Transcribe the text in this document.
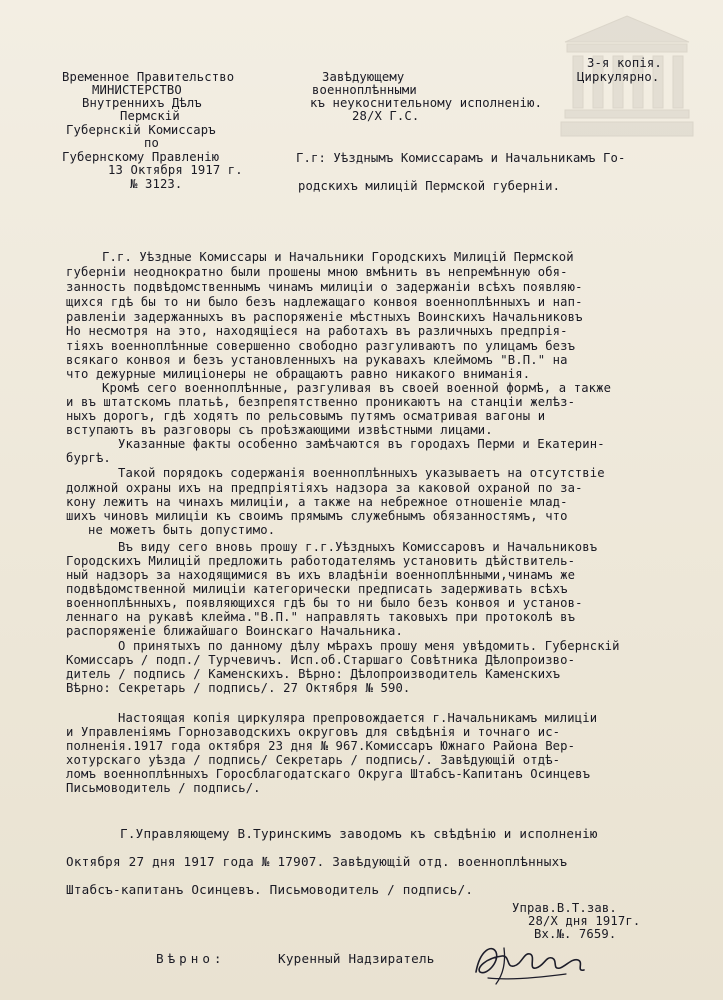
3-я копія.
Циркулярно.
Временное Правительство
МИНИСТЕРСТВО
Внутреннихъ Дѣлъ
Пермскій
Губернскій Комиссаръ
по
Губернскому Правленію
13 Октября 1917 г.
№ 3123.
Завѣдующему
военноплѣнными
къ неукоснительному исполненію.
28/X Г.С.
Г.г: Уѣзднымъ Комиссарамъ и Начальникамъ Го-
родскихъ милицій Пермской губерніи.
Г.г. Уѣздные Комиссары и Начальники Городскихъ Милицій Пермской
губерніи неоднократно были прошены мною вмѣнить въ непремѣнную обя-
занность подвѣдомственнымъ чинамъ милиціи о задержаніи всѣхъ появляю-
щихся гдѣ бы то ни было безъ надлежащаго конвоя военноплѣнныхъ и нап-
равленіи задержанныхъ въ распоряженіе мѣстныхъ Воинскихъ Начальниковъ
Но несмотря на это, находящіеся на работахъ въ различныхъ предпрія-
тіяхъ военноплѣнные совершенно свободно разгуливаютъ по улицамъ безъ
всякаго конвоя и безъ установленныхъ на рукавахъ клеймомъ "В.П." на
что дежурные милиціонеры не обращаютъ равно никакого вниманія.
Кромѣ сего военноплѣнные, разгуливая въ своей военной формѣ, а также
и въ штатскомъ платьѣ, безпрепятственно проникаютъ на станціи желѣз-
ныхъ дорогъ, гдѣ ходятъ по рельсовымъ путямъ осматривая вагоны и
вступаютъ въ разговоры съ проѣзжающими извѣстными лицами.
Указанные факты особенно замѣчаются въ городахъ Перми и Екатерин-
бургѣ.
Такой порядокъ содержанія военноплѣнныхъ указываетъ на отсутствіе
должной охраны ихъ на предпріятіяхъ надзора за каковой охраной по за-
кону лежитъ на чинахъ милиціи, а также на небрежное отношеніе млад-
шихъ чиновъ милиціи къ своимъ прямымъ служебнымъ обязанностямъ, что
не можетъ быть допустимо.
Въ виду сего вновь прошу г.г.Уѣздныхъ Комиссаровъ и Начальниковъ
Городскихъ Милицій предложить работодателямъ установить дѣйствитель-
ный надзоръ за находящимися въ ихъ владѣніи военноплѣнными,чинамъ же
подвѣдомственной милиціи категорически предписать задерживать всѣхъ
военноплѣнныхъ, появляющихся гдѣ бы то ни было безъ конвоя и установ-
леннаго на рукавѣ клейма."В.П." направлять таковыхъ при протоколѣ въ
распоряженіе ближайшаго Воинскаго Начальника.
О принятыхъ по данному дѣлу мѣрахъ прошу меня увѣдомить. Губернскій
Комиссаръ / подп./ Турчевичъ. Исп.об.Старшаго Совѣтника Дѣлопроизво-
дитель / подпись / Каменскихъ. Вѣрно: Дѣлопроизводитель Каменскихъ
Вѣрно: Секретарь / подпись/. 27 Октября № 590.
Настоящая копія циркуляра препровождается г.Начальникамъ милиціи
и Управленіямъ Горнозаводскихъ округовъ для свѣдѣнія и точнаго ис-
полненія.1917 года октября 23 дня № 967.Комиссаръ Южнаго Района Вер-
хотурскаго уѣзда / подпись/ Секретарь / подпись/. Завѣдующій отдѣ-
ломъ военноплѣнныхъ Горосблагодатскаго Округа Штабсъ-Капитанъ Осинцевъ
Письмоводитель / подпись/.
Г.Управляющему В.Туринскимъ заводомъ къ свѣдѣнію и исполненію
Октября 27 дня 1917 года № 17907. Завѣдующій отд. военноплѣнныхъ
Штабсъ-капитанъ Осинцевъ. Письмоводитель / подпись/.
Управ.В.Т.зав.
28/X дня 1917г.
Вх.№. 7659.
Вѣрно:	Куренный Надзиратель
